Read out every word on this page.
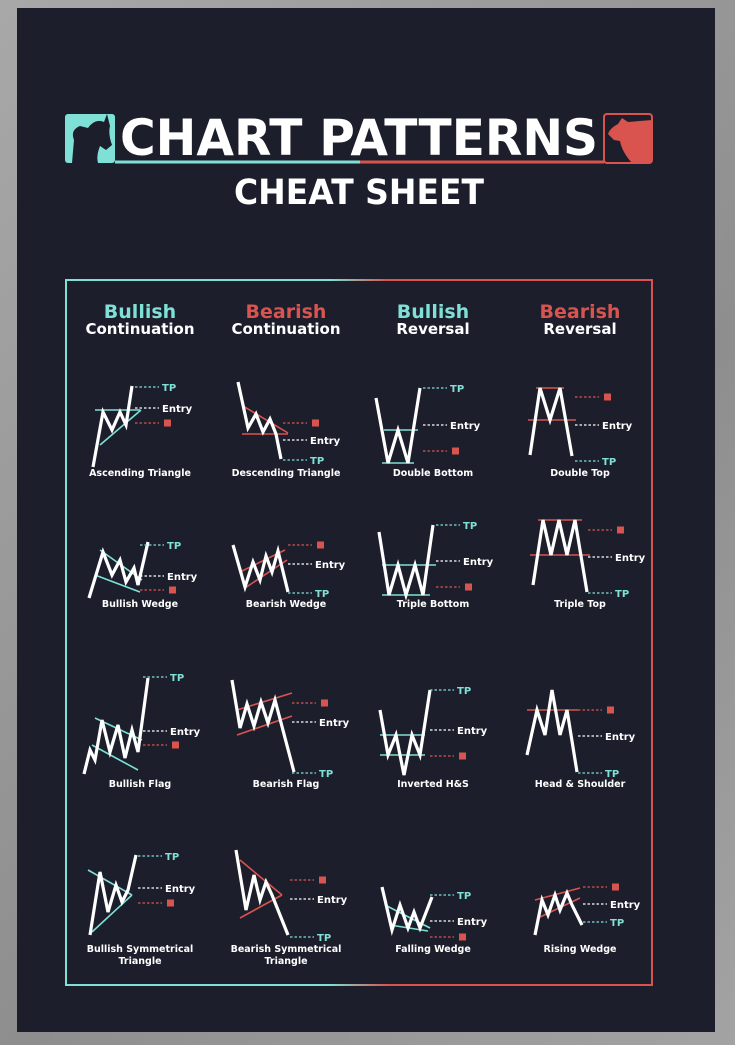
CHART PATTERNS
CHEAT SHEET
Bullish
Continuation
Bearish
Continuation
Bullish
Reversal
Bearish
Reversal
TP
Entry
Ascending Triangle
TP
Entry
Descending Triangle
TP
Entry
Double Bottom
TP
Entry
Double Top
TP
Entry
Bullish Wedge
TP
Entry
Bearish Wedge
TP
Entry
Triple Bottom
TP
Entry
Triple Top
TP
Entry
Bullish Flag
TP
Entry
Bearish Flag
TP
Entry
Inverted H&S
TP
Entry
Head & Shoulder
TP
Entry
Bullish Symmetrical
Triangle
TP
Entry
Bearish Symmetrical
Triangle
TP
Entry
Falling Wedge
TP
Entry
Rising Wedge
